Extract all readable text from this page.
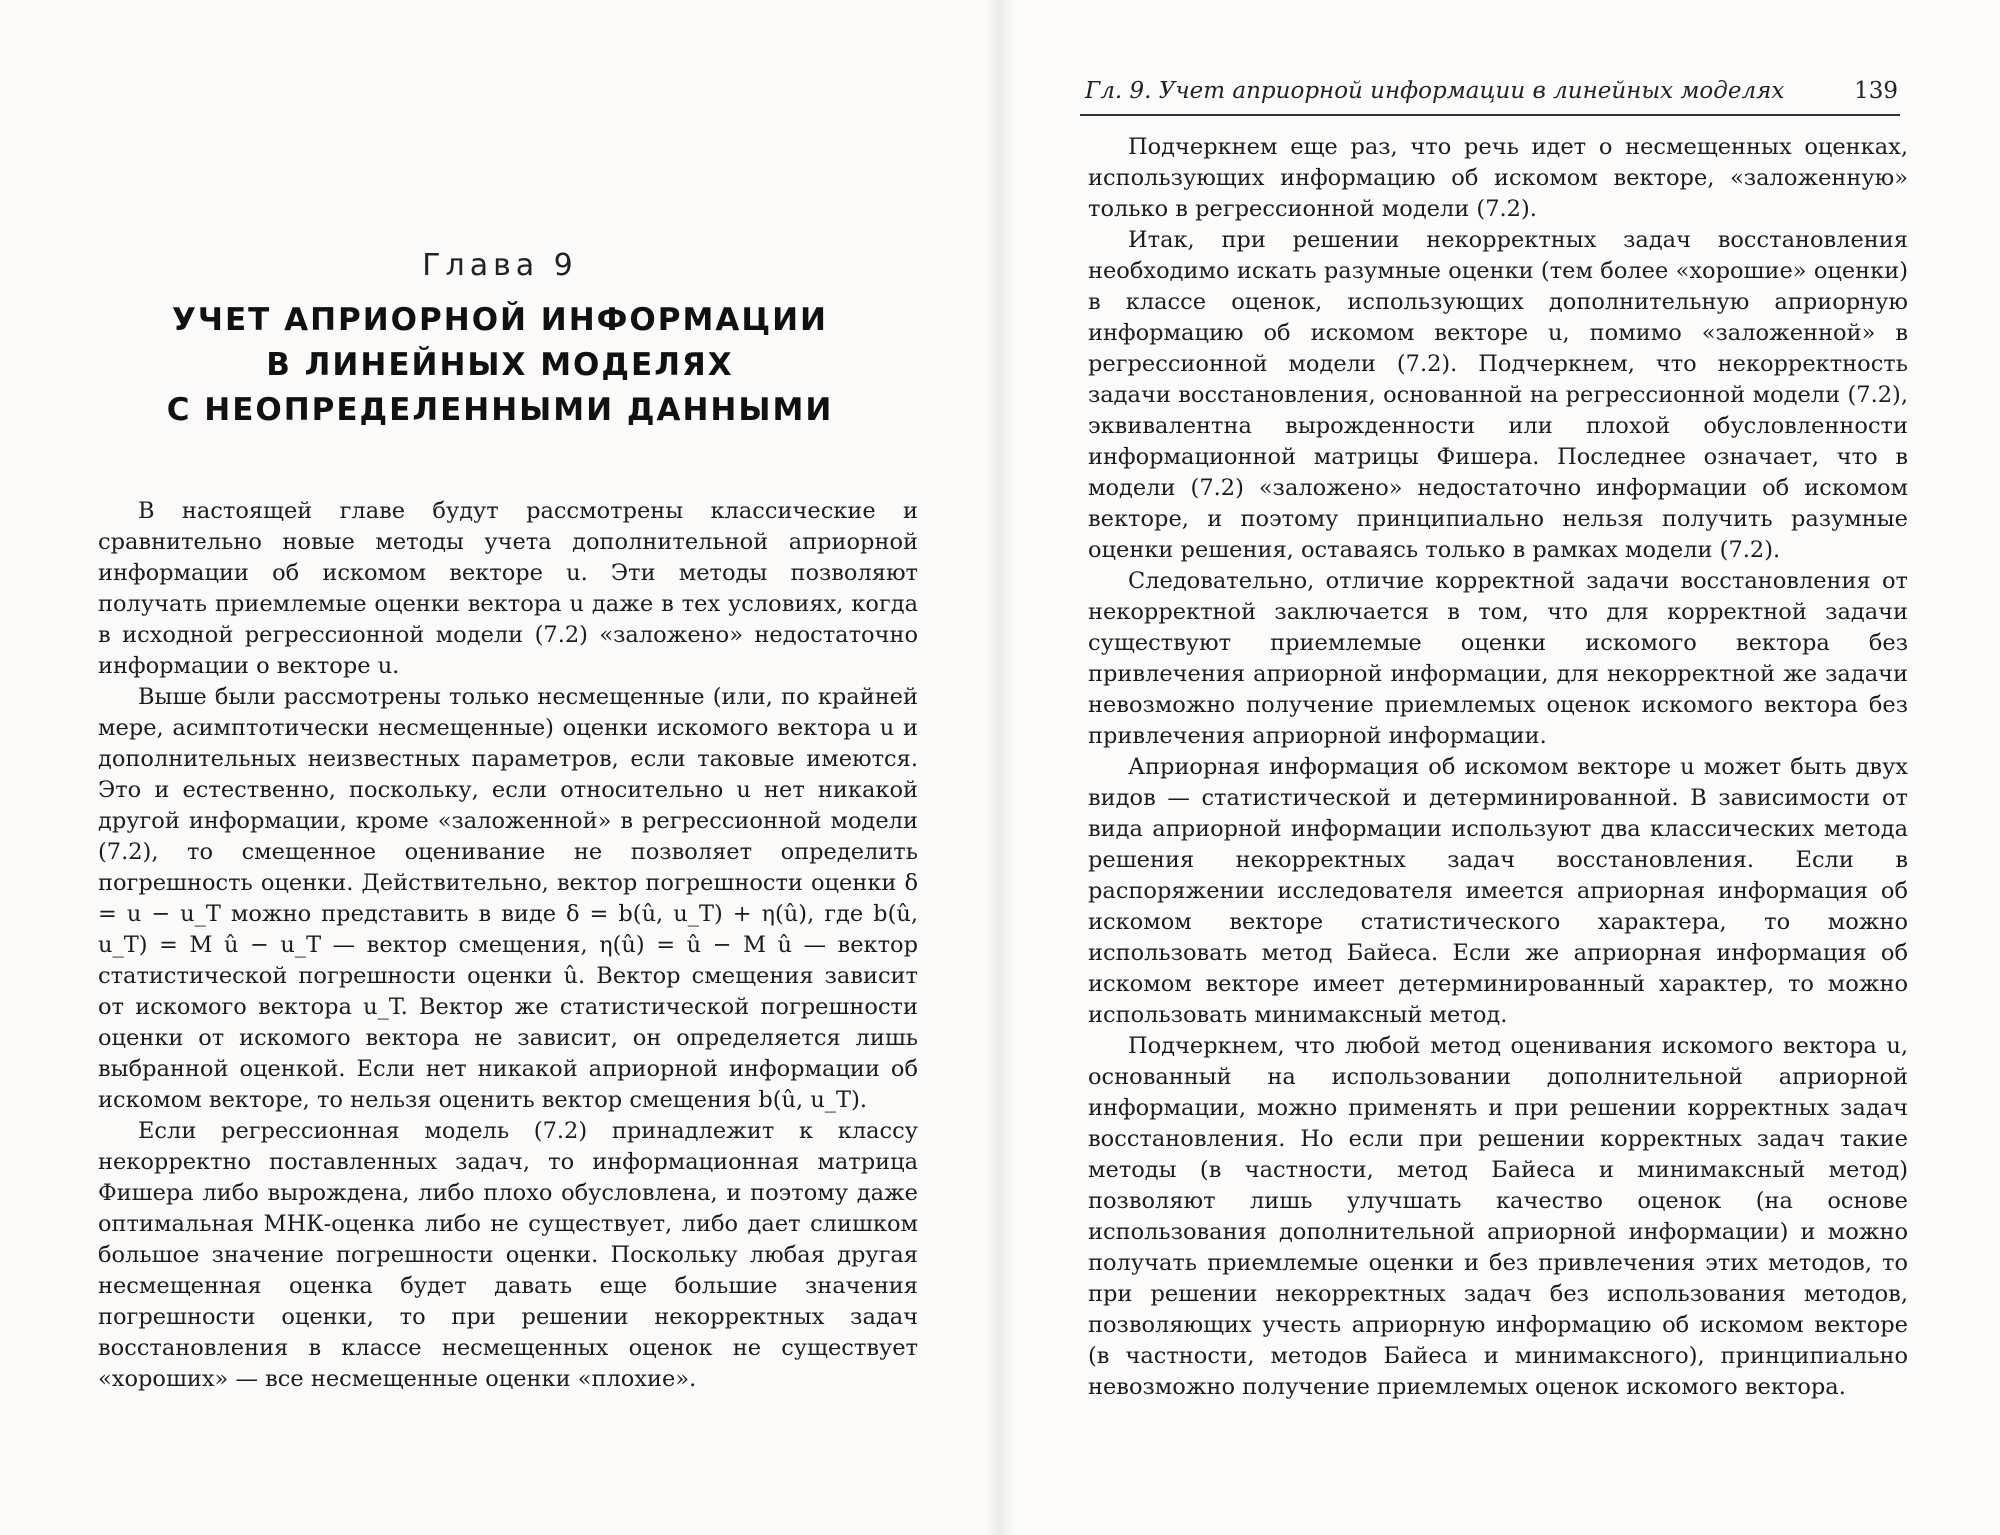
Глава 9
УЧЕТ АПРИОРНОЙ ИНФОРМАЦИИ
В ЛИНЕЙНЫХ МОДЕЛЯХ
С НЕОПРЕДЕЛЕННЫМИ ДАННЫМИ

В настоящей главе будут рассмотрены классические и сравнительно новые методы учета дополнительной априорной информации об искомом векторе u. Эти методы позволяют получать приемлемые оценки вектора u даже в тех условиях, когда в исходной регрессионной модели (7.2) «заложено» недостаточно информации о векторе u.

Выше были рассмотрены только несмещенные (или, по крайней мере, асимптотически несмещенные) оценки искомого вектора u и дополнительных неизвестных параметров, если таковые имеются. Это и естественно, поскольку, если относительно u нет никакой другой информации, кроме «заложенной» в регрессионной модели (7.2), то смещенное оценивание не позволяет определить погрешность оценки. Действительно, вектор погрешности оценки δ = u − u_T можно представить в виде δ = b(û, u_T) + η(û), где b(û, u_T) = M û − u_T — вектор смещения, η(û) = û − M û — вектор статистической погрешности оценки û. Вектор смещения зависит от искомого вектора u_T. Вектор же статистической погрешности оценки от искомого вектора не зависит, он определяется лишь выбранной оценкой. Если нет никакой априорной информации об искомом векторе, то нельзя оценить вектор смещения b(û, u_T).

Если регрессионная модель (7.2) принадлежит к классу некорректно поставленных задач, то информационная матрица Фишера либо вырождена, либо плохо обусловлена, и поэтому даже оптимальная МНК-оценка либо не существует, либо дает слишком большое значение погрешности оценки. Поскольку любая другая несмещенная оценка будет давать еще большие значения погрешности оценки, то при решении некорректных задач восстановления в классе несмещенных оценок не существует «хороших» — все несмещенные оценки «плохие».

Гл. 9. Учет априорной информации в линейных моделях	139

Подчеркнем еще раз, что речь идет о несмещенных оценках, использующих информацию об искомом векторе, «заложенную» только в регрессионной модели (7.2).

Итак, при решении некорректных задач восстановления необходимо искать разумные оценки (тем более «хорошие» оценки) в классе оценок, использующих дополнительную априорную информацию об искомом векторе u, помимо «заложенной» в регрессионной модели (7.2). Подчеркнем, что некорректность задачи восстановления, основанной на регрессионной модели (7.2), эквивалентна вырожденности или плохой обусловленности информационной матрицы Фишера. Последнее означает, что в модели (7.2) «заложено» недостаточно информации об искомом векторе, и поэтому принципиально нельзя получить разумные оценки решения, оставаясь только в рамках модели (7.2).

Следовательно, отличие корректной задачи восстановления от некорректной заключается в том, что для корректной задачи существуют приемлемые оценки искомого вектора без привлечения априорной информации, для некорректной же задачи невозможно получение приемлемых оценок искомого вектора без привлечения априорной информации.

Априорная информация об искомом векторе u может быть двух видов — статистической и детерминированной. В зависимости от вида априорной информации используют два классических метода решения некорректных задач восстановления. Если в распоряжении исследователя имеется априорная информация об искомом векторе статистического характера, то можно использовать метод Байеса. Если же априорная информация об искомом векторе имеет детерминированный характер, то можно использовать минимаксный метод.

Подчеркнем, что любой метод оценивания искомого вектора u, основанный на использовании дополнительной априорной информации, можно применять и при решении корректных задач восстановления. Но если при решении корректных задач такие методы (в частности, метод Байеса и минимаксный метод) позволяют лишь улучшать качество оценок (на основе использования дополнительной априорной информации) и можно получать приемлемые оценки и без привлечения этих методов, то при решении некорректных задач без использования методов, позволяющих учесть априорную информацию об искомом векторе (в частности, методов Байеса и минимаксного), принципиально невозможно получение приемлемых оценок искомого вектора.
